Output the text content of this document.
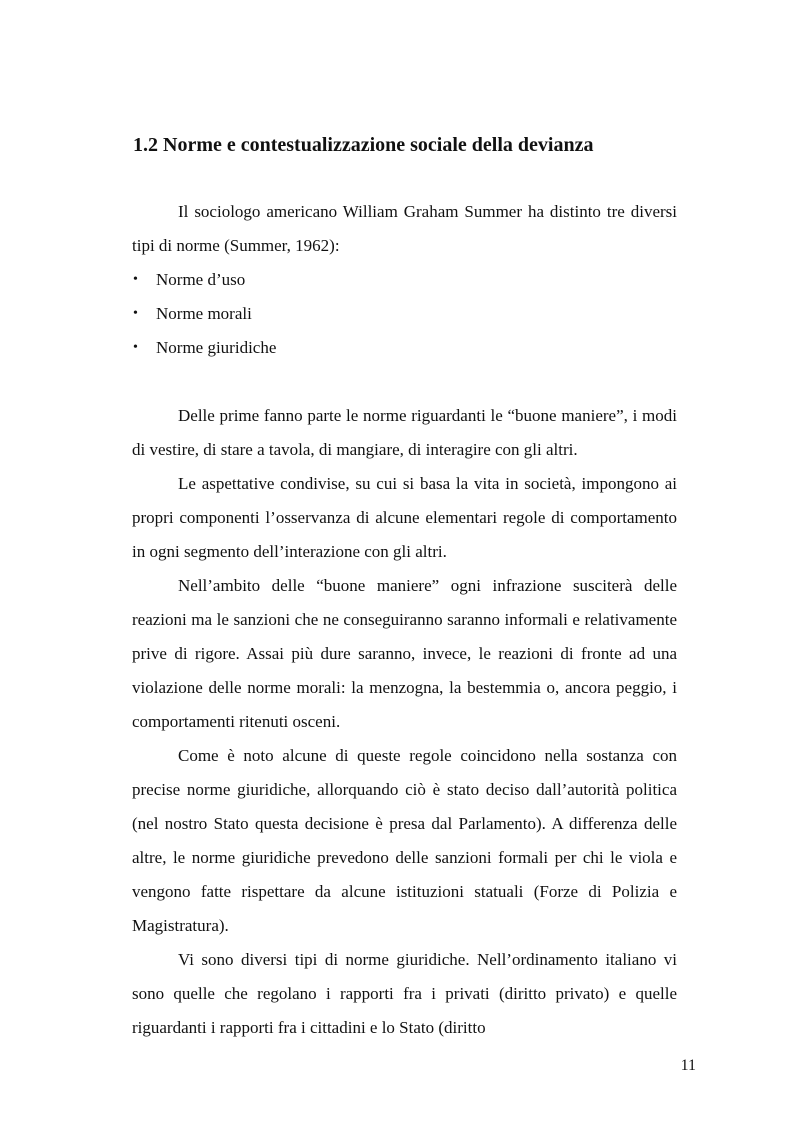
1.2 Norme e contestualizzazione sociale della devianza

Il sociologo americano William Graham Summer ha distinto tre diversi tipi di norme (Summer, 1962):

• Norme d’uso
• Norme morali
• Norme giuridiche

Delle prime fanno parte le norme riguardanti le “buone maniere”, i modi di vestire, di stare a tavola, di mangiare, di interagire con gli altri.

Le aspettative condivise, su cui si basa la vita in società, impongono ai propri componenti l’osservanza di alcune elementari regole di comportamento in ogni segmento dell’interazione con gli altri.

Nell’ambito delle “buone maniere” ogni infrazione susciterà delle reazioni ma le sanzioni che ne conseguiranno saranno informali e relativamente prive di rigore. Assai più dure saranno, invece, le reazioni di fronte ad una violazione delle norme morali: la menzogna, la bestemmia o, ancora peggio, i comportamenti ritenuti osceni.

Come è noto alcune di queste regole coincidono nella sostanza con precise norme giuridiche, allorquando ciò è stato deciso dall’autorità politica (nel nostro Stato questa decisione è presa dal Parlamento). A differenza delle altre, le norme giuridiche prevedono delle sanzioni formali per chi le viola e vengono fatte rispettare da alcune istituzioni statuali (Forze di Polizia e Magistratura).

Vi sono diversi tipi di norme giuridiche. Nell’ordinamento italiano vi sono quelle che regolano i rapporti fra i privati (diritto privato) e quelle riguardanti i rapporti fra i cittadini e lo Stato (diritto

11
